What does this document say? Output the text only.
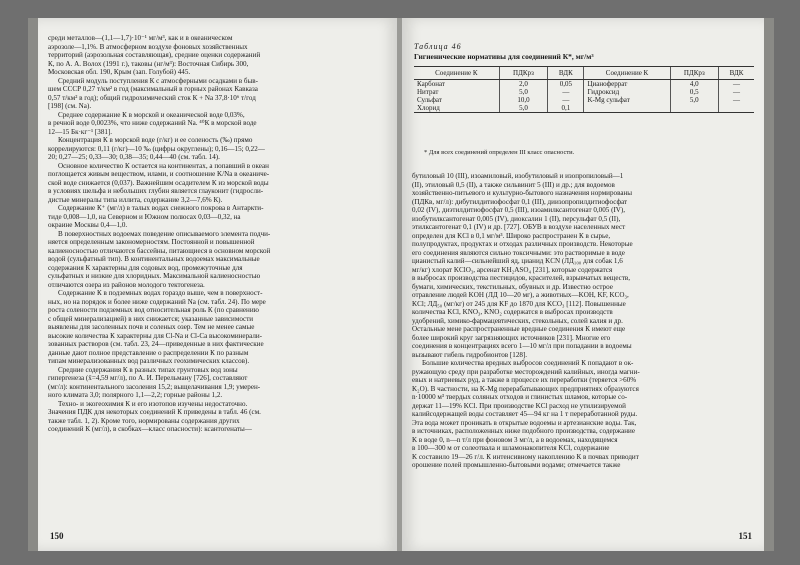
среди металлов—(1,1—1,7)·10⁻¹ мг/м³, как и в океаническом
аэрозоле—1,1%. В атмосферном воздухе фоновых хозяйственных
территорий (аэрозольная составляющая), средние оценки содержаний
К, по А. А. Волох (1991 г.), таковы (нг/м³): Восточная Сибирь 300,
Московская обл. 190, Крым (зап. Голубой) 445.
Средний модуль поступления К с атмосферными осадками в быв-
шем СССР 0,27 т/км² в год (максимальный в горных районах Кавказа
0,57 т/км² в год); общий гидрохимический сток К + Na 37,8·10⁶ т/год
[198] (см. Na).
Среднее содержание К в морской и океанической воде 0,03%,
в речной воде 0,0023%, что ниже содержаний Na. ⁴⁰К в морской воде
12—15 Бк·кг⁻¹ [381].
Концентрация К в морской воде (г/кг) и ее соленость (‰) прямо
коррелируются: 0,11 (г/кг)—10 ‰ (цифры округлены); 0,16—15; 0,22—
20; 0,27—25; 0,33—30; 0,38—35; 0,44—40 (см. табл. 14).
Основное количество К остается на континентах, а попавший в океан
поглощается живым веществом, илами, и соотношение K/Na в океаниче-
ской воде снижается (0,037). Важнейшим осадителем К из морской воды
в условиях шельфа и небольших глубин является глауконит (гидросли-
дистые минералы типа иллита, содержание 3,2—7,6% К).
Содержание К⁺ (мг/л) в талых водах снежного покрова в Антаркти-
тиде 0,008—1,0, на Северном и Южном полюсах 0,03—0,32, на
окраине Москвы 0,4—1,0.
В поверхностных водоемах поведение описываемого элемента подчи-
няется определенным закономерностям. Постоянной и повышенной
калиеносностью отличаются бассейны, питающиеся в основном морской
водой (сульфатный тип). В континентальных водоемах максимальные
содержания К характерны для содовых вод, промежуточные для
сульфатных и низкие для хлоридных. Максимальной калиеносностью
отличаются озера из районов молодого тектогенеза.
Содержание К в подземных водах гораздо выше, чем в поверхност-
ных, но на порядок и более ниже содержаний Na (см. табл. 24). По мере
роста солености подземных вод относительная роль К (по сравнению
с общей минерализацией) в них снижается; указанные зависимости
выявлены для засоленных почв и соленых озер. Тем не менее самые
высокие количества К характерны для Cl-Na и Cl-Ca высокоминерали-
зованных растворов (см. табл. 23, 24—приведенные в них фактические
данные дают полное представление о распределении К по разным
типам минерализованных вод различных геохимических классов).
Средние содержания К в разных типах грунтовых вод зоны
гипергенеза (x̄=4,59 мг/л), по А. И. Перельману [726], составляют
(мг/л): континентального засоления 15,2; выщелачивания 1,9; умерен-
ного климата 3,0; полярного 1,1—2,2; горные районы 1,2.
Техно- и экогеохимия К и его изотопов изучены недостаточно.
Значения ПДК для некоторых соединений К приведены в табл. 46 (см.
также табл. 1, 2). Кроме того, нормированы содержания других
соединений К (мг/л), в скобках—класс опасности): ксантогенаты—
150
Таблица 46
Гигиенические нормативы для соединений К*, мг/м³
Соединение К	ПДКрз	ВДК	Соединение К	ПДКрз	ВДК
Карбонат	2,0	0,05	Цианоферрат	4,0	—
Нитрат	5,0	—	Гидроксид	0,5	—
Сульфат	10,0	—	K-Mg сульфат	5,0	—
Хлорид	5,0	0,1			
* Для всех соединений определен III класс опасности.
бутиловый 10 (III), изоамиловый, изобутиловый и изопропиловый—1
(II), этиловый 0,5 (II), а также сильвинит 5 (III) и др.; для водоемов
хозяйственно-питьевого и культурно-бытового назначения нормированы
(ПДКв, мг/л): дибутилдитиофосфат 0,1 (III), диизопропилдитиофосфат
0,02 (IV), диэтилдитиофосфат 0,5 (III), изоамилксантогенат 0,005 (IV),
изобутилксантогенат 0,005 (IV), диоксалин 1 (II), персульфат 0,5 (II),
этилксантогенат 0,1 (IV) и др. [727]. ОБУВ в воздухе населенных мест
определен для KCl в 0,1 мг/м³. Широко распространен К в сырье,
полупродуктах, продуктах и отходах различных производств. Некоторые
его соединения являются сильно токсичными: это растворимые в воде
цианистый калий—сильнейший яд, цианид KCN (ЛД₁₀₀ для собак 1,6
мг/кг) хлорат KClO₃, арсенат KH₂ASO₄ [231], которые содержатся
в выбросах производства пестицидов, красителей, взрывчатых веществ,
бумаги, химических, текстильных, обувных и др. Известно острое
отравление людей KOH (ЛД 10—20 мг), а животных—KOH, KF, KCO₃,
KCl; ЛД₅₀ (мг/кг) от 245 для KF до 1870 для KCO₃ [112]. Повышенные
количества KCl, KNO₃, KNO₂ содержатся в выбросах производств
удобрений, химико-фармацевтических, стекольных, солей калия и др.
Остальные мене распространенные вредные соединения К имеют еще
более широкий круг загрязняющих источников [231]. Многие его
соединения в концентрациях всего 1—10 мг/л при попадании в водоемы
вызывают гибель гидробионтов [128].
Большие количества вредных выбросов соединений К попадают в ок-
ружающую среду при разработке месторождений калийных, иногда магни-
евых и натриевых руд, а также в процессе их переработки (теряется >60%
K₂O). В частности, на K-Mg перерабатывающих предприятиях образуются
n·10000 м³ твердых соляных отходов и глинистых шламов, которые со-
держат 11—19% KCl. При производстве KCl расход не утилизируемой
калийсодержащей воды составляет 45—94 кг на 1 т переработанной руды.
Эта вода может проникать в открытые водоемы и артезианские воды. Так,
в источниках, расположенных ниже подобного производства, содержание
K в воде 0, n—n т/л при фоновом 3 мг/л, а в водоемах, находящемся
в 100—300 м от солеотвала и шламонакопителя KCl, содержание
K составило 19—26 г/л. К интенсивному накоплению К в почвах приводит
орошение полей промышленно-бытовыми водами; отмечается также
151
